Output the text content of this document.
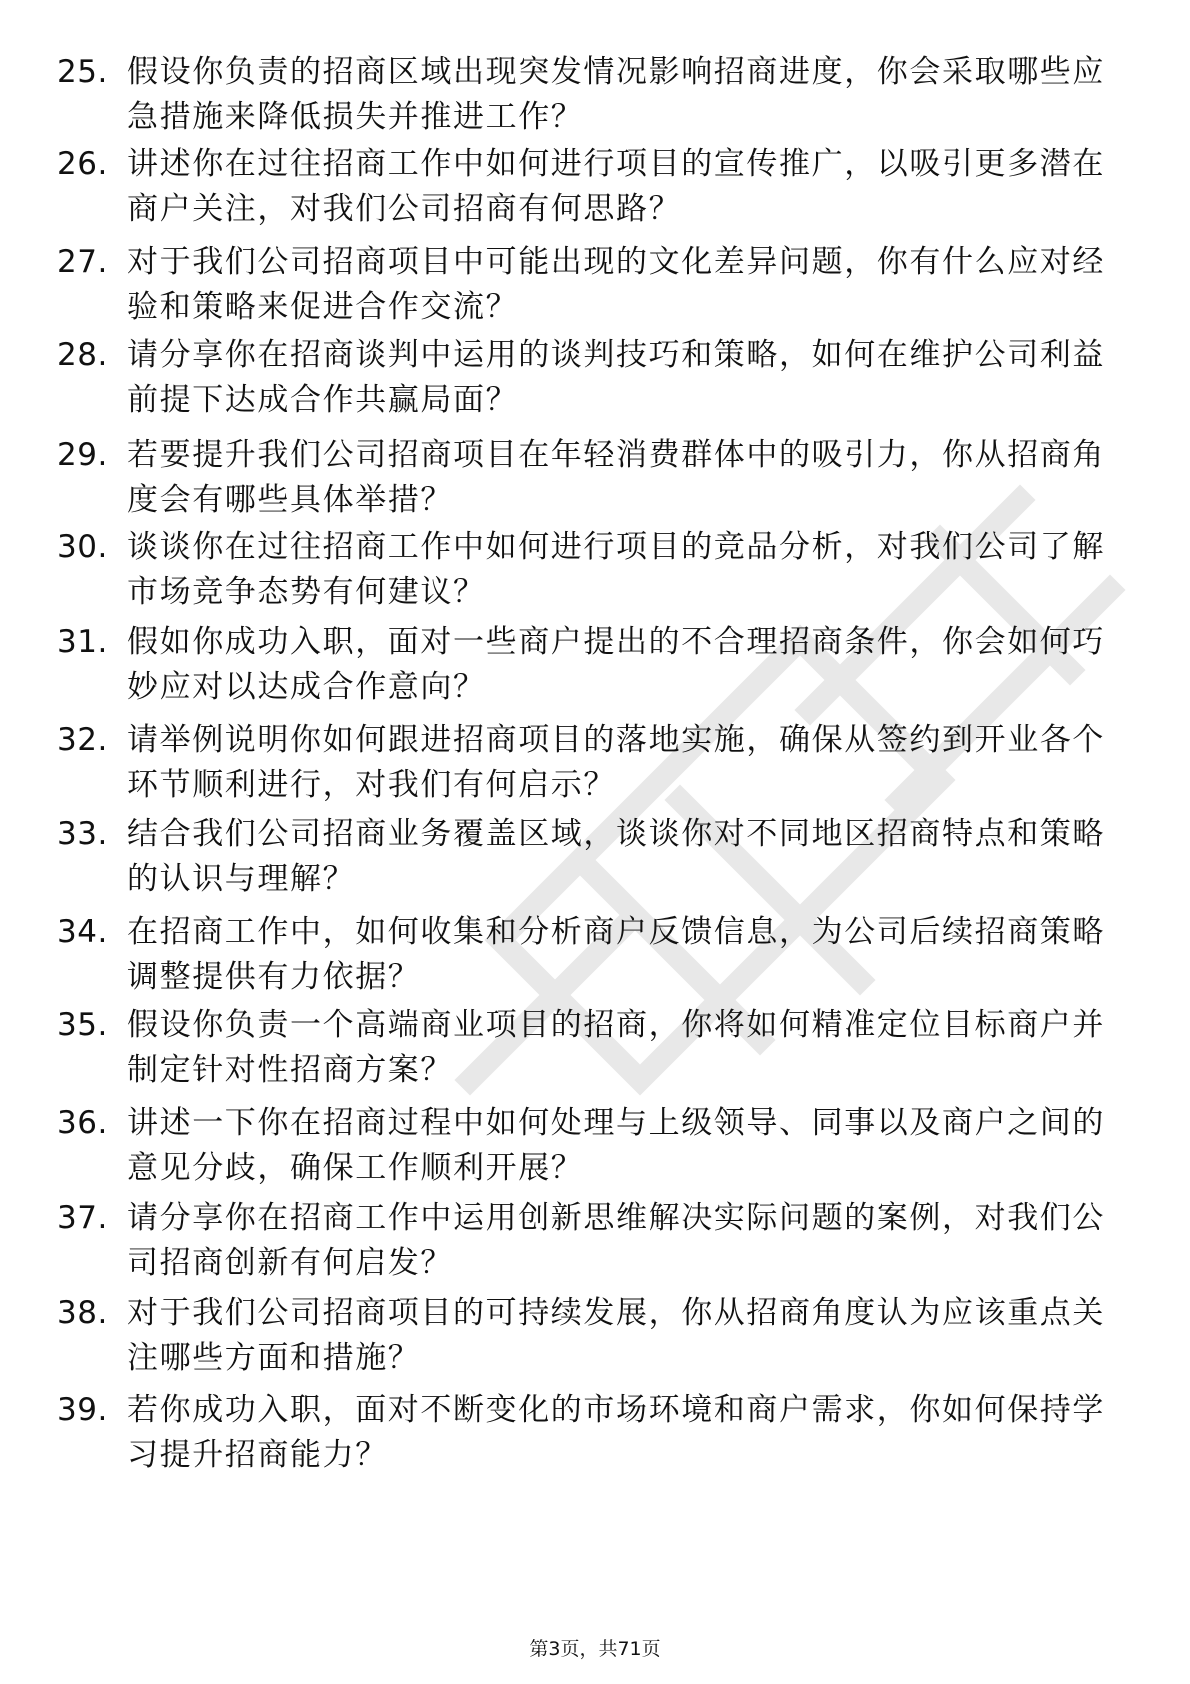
25. 假设你负责的招商区域出现突发情况影响招商进度，你会采取哪些应急措施来降低损失并推进工作？
26. 讲述你在过往招商工作中如何进行项目的宣传推广，以吸引更多潜在商户关注，对我们公司招商有何思路？
27. 对于我们公司招商项目中可能出现的文化差异问题，你有什么应对经验和策略来促进合作交流？
28. 请分享你在招商谈判中运用的谈判技巧和策略，如何在维护公司利益前提下达成合作共赢局面？
29. 若要提升我们公司招商项目在年轻消费群体中的吸引力，你从招商角度会有哪些具体举措？
30. 谈谈你在过往招商工作中如何进行项目的竞品分析，对我们公司了解市场竞争态势有何建议？
31. 假如你成功入职，面对一些商户提出的不合理招商条件，你会如何巧妙应对以达成合作意向？
32. 请举例说明你如何跟进招商项目的落地实施，确保从签约到开业各个环节顺利进行，对我们有何启示？
33. 结合我们公司招商业务覆盖区域，谈谈你对不同地区招商特点和策略的认识与理解？
34. 在招商工作中，如何收集和分析商户反馈信息，为公司后续招商策略调整提供有力依据？
35. 假设你负责一个高端商业项目的招商，你将如何精准定位目标商户并制定针对性招商方案？
36. 讲述一下你在招商过程中如何处理与上级领导、同事以及商户之间的意见分歧，确保工作顺利开展？
37. 请分享你在招商工作中运用创新思维解决实际问题的案例，对我们公司招商创新有何启发？
38. 对于我们公司招商项目的可持续发展，你从招商角度认为应该重点关注哪些方面和措施？
39. 若你成功入职，面对不断变化的市场环境和商户需求，你如何保持学习提升招商能力？
第3页，共71页
